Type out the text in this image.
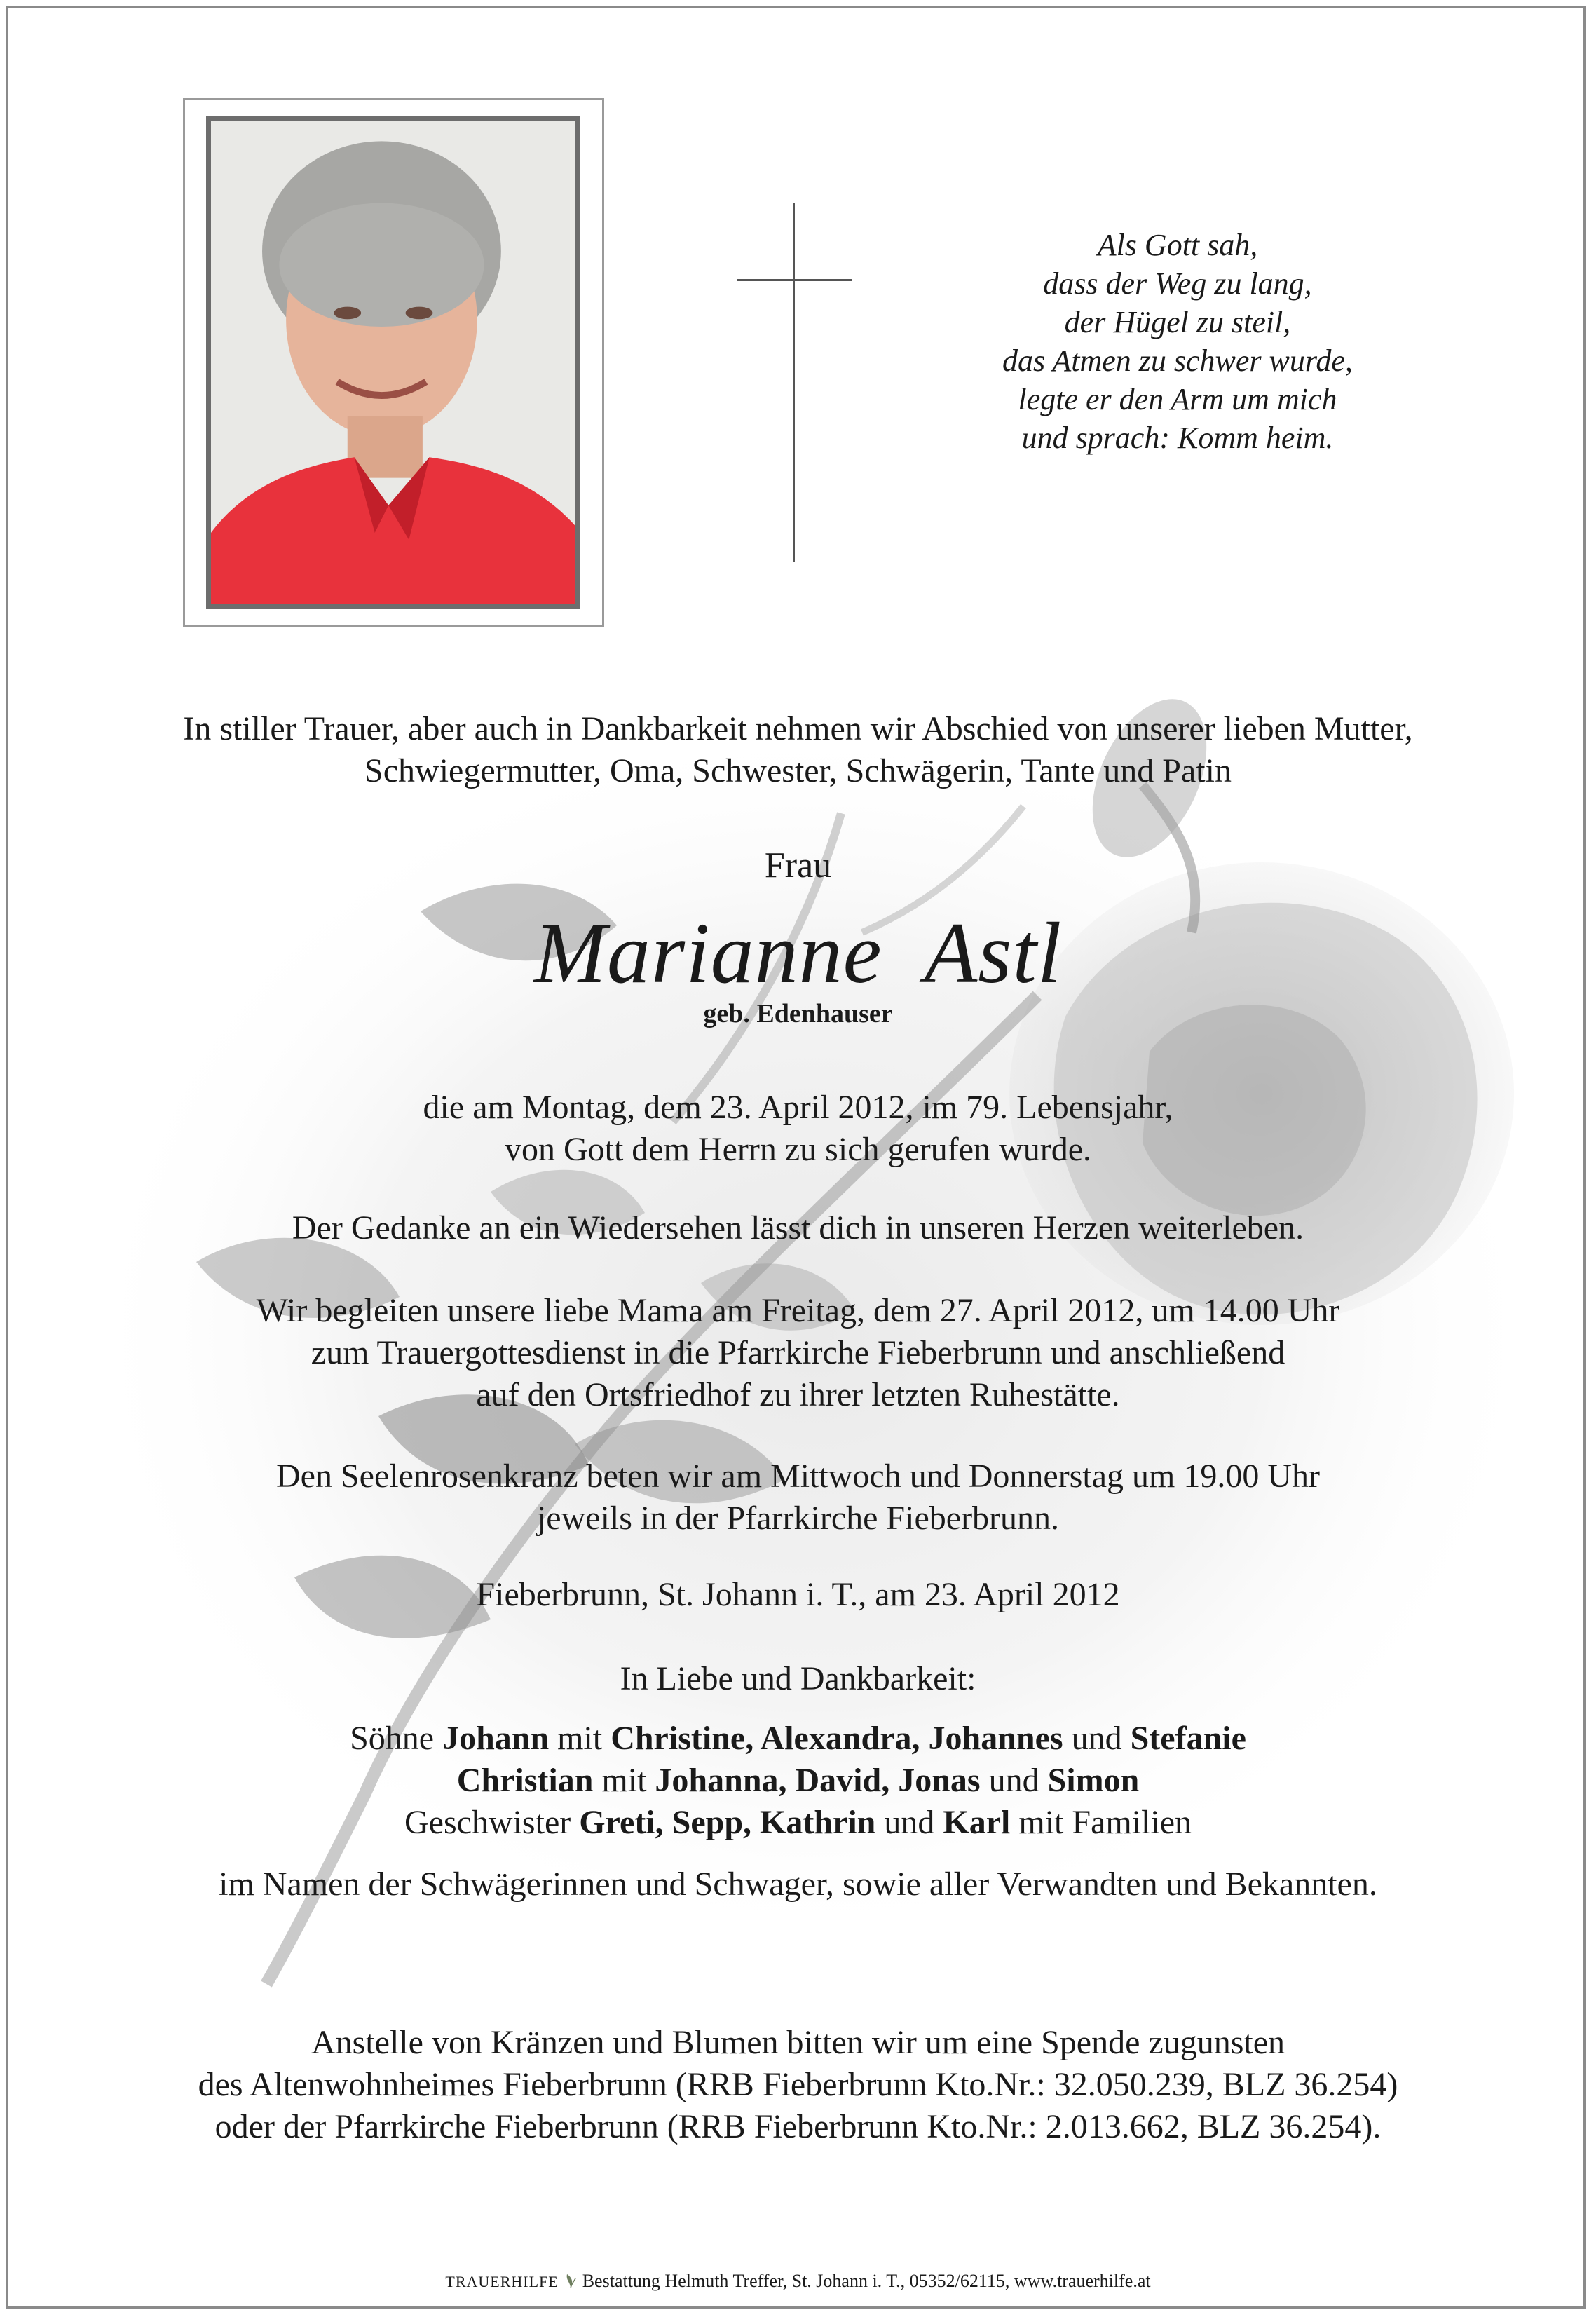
Als Gott sah,
dass der Weg zu lang,
der Hügel zu steil,
das Atmen zu schwer wurde,
legte er den Arm um mich
und sprach: Komm heim.
In stiller Trauer, aber auch in Dankbarkeit nehmen wir Abschied von unserer lieben Mutter,
Schwiegermutter, Oma, Schwester, Schwägerin, Tante und Patin
Frau
Marianne Astl
geb. Edenhauser
die am Montag, dem 23. April 2012, im 79. Lebensjahr,
von Gott dem Herrn zu sich gerufen wurde.
Der Gedanke an ein Wiedersehen lässt dich in unseren Herzen weiterleben.
Wir begleiten unsere liebe Mama am Freitag, dem 27. April 2012, um 14.00 Uhr
zum Trauergottesdienst in die Pfarrkirche Fieberbrunn und anschließend
auf den Ortsfriedhof zu ihrer letzten Ruhestätte.
Den Seelenrosenkranz beten wir am Mittwoch und Donnerstag um 19.00 Uhr
jeweils in der Pfarrkirche Fieberbrunn.
Fieberbrunn, St. Johann i. T., am 23. April 2012
In Liebe und Dankbarkeit:
Söhne Johann mit Christine, Alexandra, Johannes und Stefanie
Christian mit Johanna, David, Jonas und Simon
Geschwister Greti, Sepp, Kathrin und Karl mit Familien
im Namen der Schwägerinnen und Schwager, sowie aller Verwandten und Bekannten.
Anstelle von Kränzen und Blumen bitten wir um eine Spende zugunsten
des Altenwohnheimes Fieberbrunn (RRB Fieberbrunn Kto.Nr.: 32.050.239, BLZ 36.254)
oder der Pfarrkirche Fieberbrunn (RRB Fieberbrunn Kto.Nr.: 2.013.662, BLZ 36.254).
TRAUERHILFE Bestattung Helmuth Treffer, St. Johann i. T., 05352/62115, www.trauerhilfe.at
